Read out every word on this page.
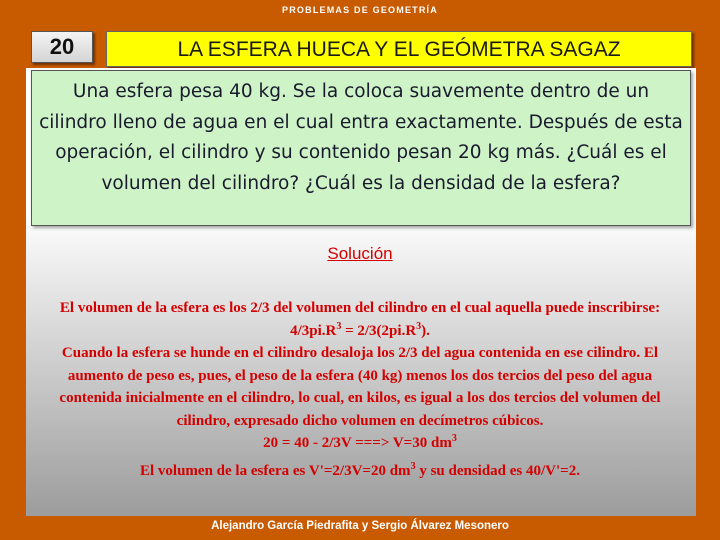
PROBLEMAS DE GEOMETRÍA
20	LA ESFERA HUECA Y EL GEÓMETRA SAGAZ
Una esfera pesa 40 kg. Se la coloca suavemente dentro de un cilindro lleno de agua en el cual entra exactamente. Después de esta operación, el cilindro y su contenido pesan 20 kg más. ¿Cuál es el volumen del cilindro? ¿Cuál es la densidad de la esfera?
Solución
El volumen de la esfera es los 2/3 del volumen del cilindro en el cual aquella puede inscribirse: $4/3pi.R^3 = 2/3(2pi.R^3)$.
Cuando la esfera se hunde en el cilindro desaloja los 2/3 del agua contenida en ese cilindro. El aumento de peso es, pues, el peso de la esfera (40 kg) menos los dos tercios del peso del agua contenida inicialmente en el cilindro, lo cual, en kilos, es igual a los dos tercios del volumen del cilindro, expresado dicho volumen en decímetros cúbicos.
20 = 40 - 2/3V ===> V=30 $dm^3$
El volumen de la esfera es V'=2/3V=20 $dm^3$ y su densidad es 40/V'=2.
Alejandro García Piedrafita y Sergio Álvarez Mesonero
